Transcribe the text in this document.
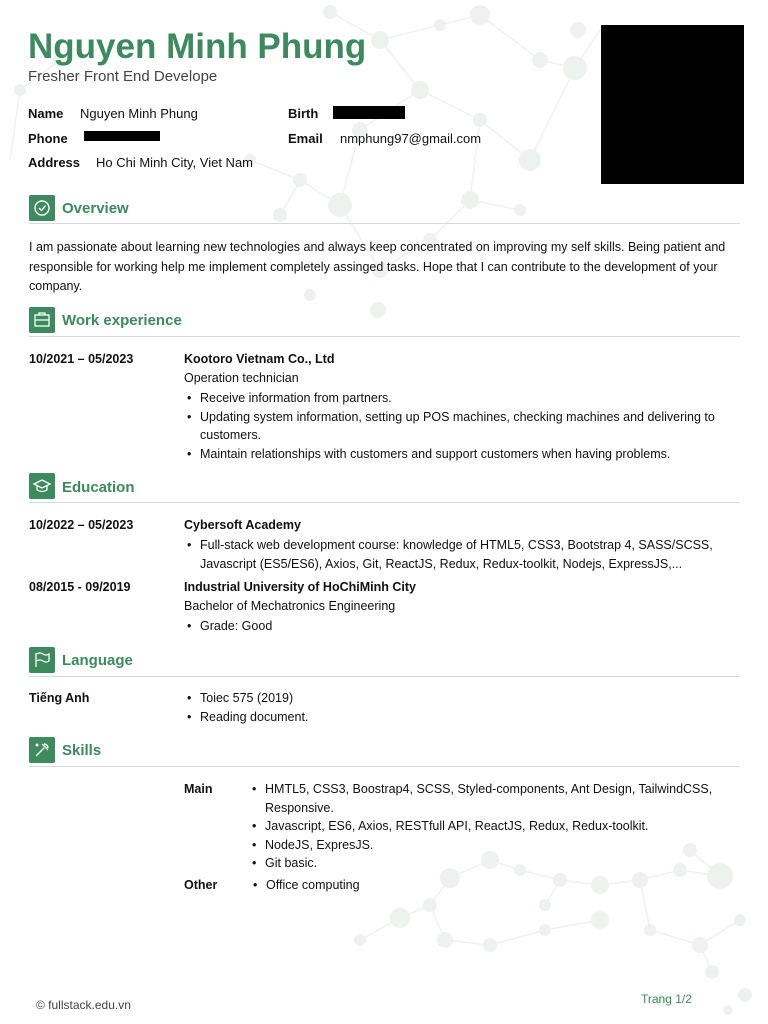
Nguyen Minh Phung
Fresher Front End Develope
Name Nguyen Minh Phung	Birth
Phone	Email nmphung97@gmail.com
Address Ho Chi Minh City, Viet Nam
Overview
I am passionate about learning new technologies and always keep concentrated on improving my self skills. Being patient and responsible for working help me implement completely assinged tasks. Hope that I can contribute to the development of your company.
Work experience
10/2021 – 05/2023	Kootoro Vietnam Co., Ltd
Operation technician
• Receive information from partners.
• Updating system information, setting up POS machines, checking machines and delivering to customers.
• Maintain relationships with customers and support customers when having problems.
Education
10/2022 – 05/2023	Cybersoft Academy
• Full-stack web development course: knowledge of HTML5, CSS3, Bootstrap 4, SASS/SCSS, Javascript (ES5/ES6), Axios, Git, ReactJS, Redux, Redux-toolkit, Nodejs, ExpressJS,...
08/2015 - 09/2019	Industrial University of HoChiMinh City
Bachelor of Mechatronics Engineering
• Grade: Good
Language
Tiếng Anh	• Toiec 575 (2019)
• Reading document.
Skills
Main	• HMTL5, CSS3, Boostrap4, SCSS, Styled-components, Ant Design, TailwindCSS, Responsive.
• Javascript, ES6, Axios, RESTfull API, ReactJS, Redux, Redux-toolkit.
• NodeJS, ExpresJS.
• Git basic.
Other	• Office computing
© fullstack.edu.vn	Trang 1/2
